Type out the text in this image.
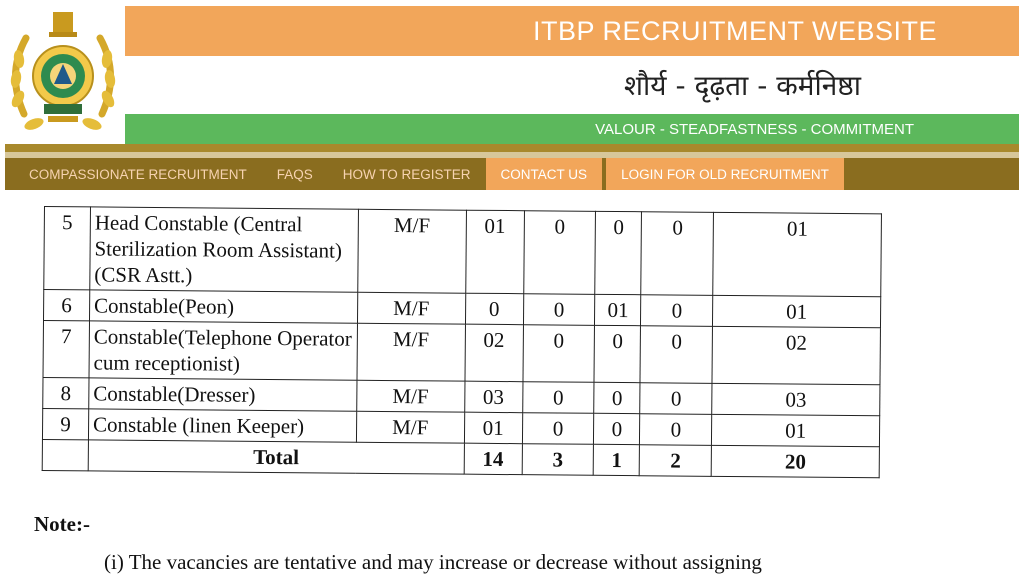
ITBP RECRUITMENT WEBSITE
शौर्य - दृढ़ता - कर्मनिष्ठा
VALOUR - STEADFASTNESS - COMMITMENT
COMPASSIONATE RECRUITMENT	FAQS	HOW TO REGISTER	CONTACT US	LOGIN FOR OLD RECRUITMENT
5	Head Constable (Central Sterilization Room Assistant) (CSR Astt.)	M/F	01	0	0	0	01
6	Constable(Peon)	M/F	0	0	01	0	01
7	Constable(Telephone Operator cum receptionist)	M/F	02	0	0	0	02
8	Constable(Dresser)	M/F	03	0	0	0	03
9	Constable (linen Keeper)	M/F	01	0	0	0	01
	Total		14	3	1	2	20
Note:-
(i) The vacancies are tentative and may increase or decrease without assigning
